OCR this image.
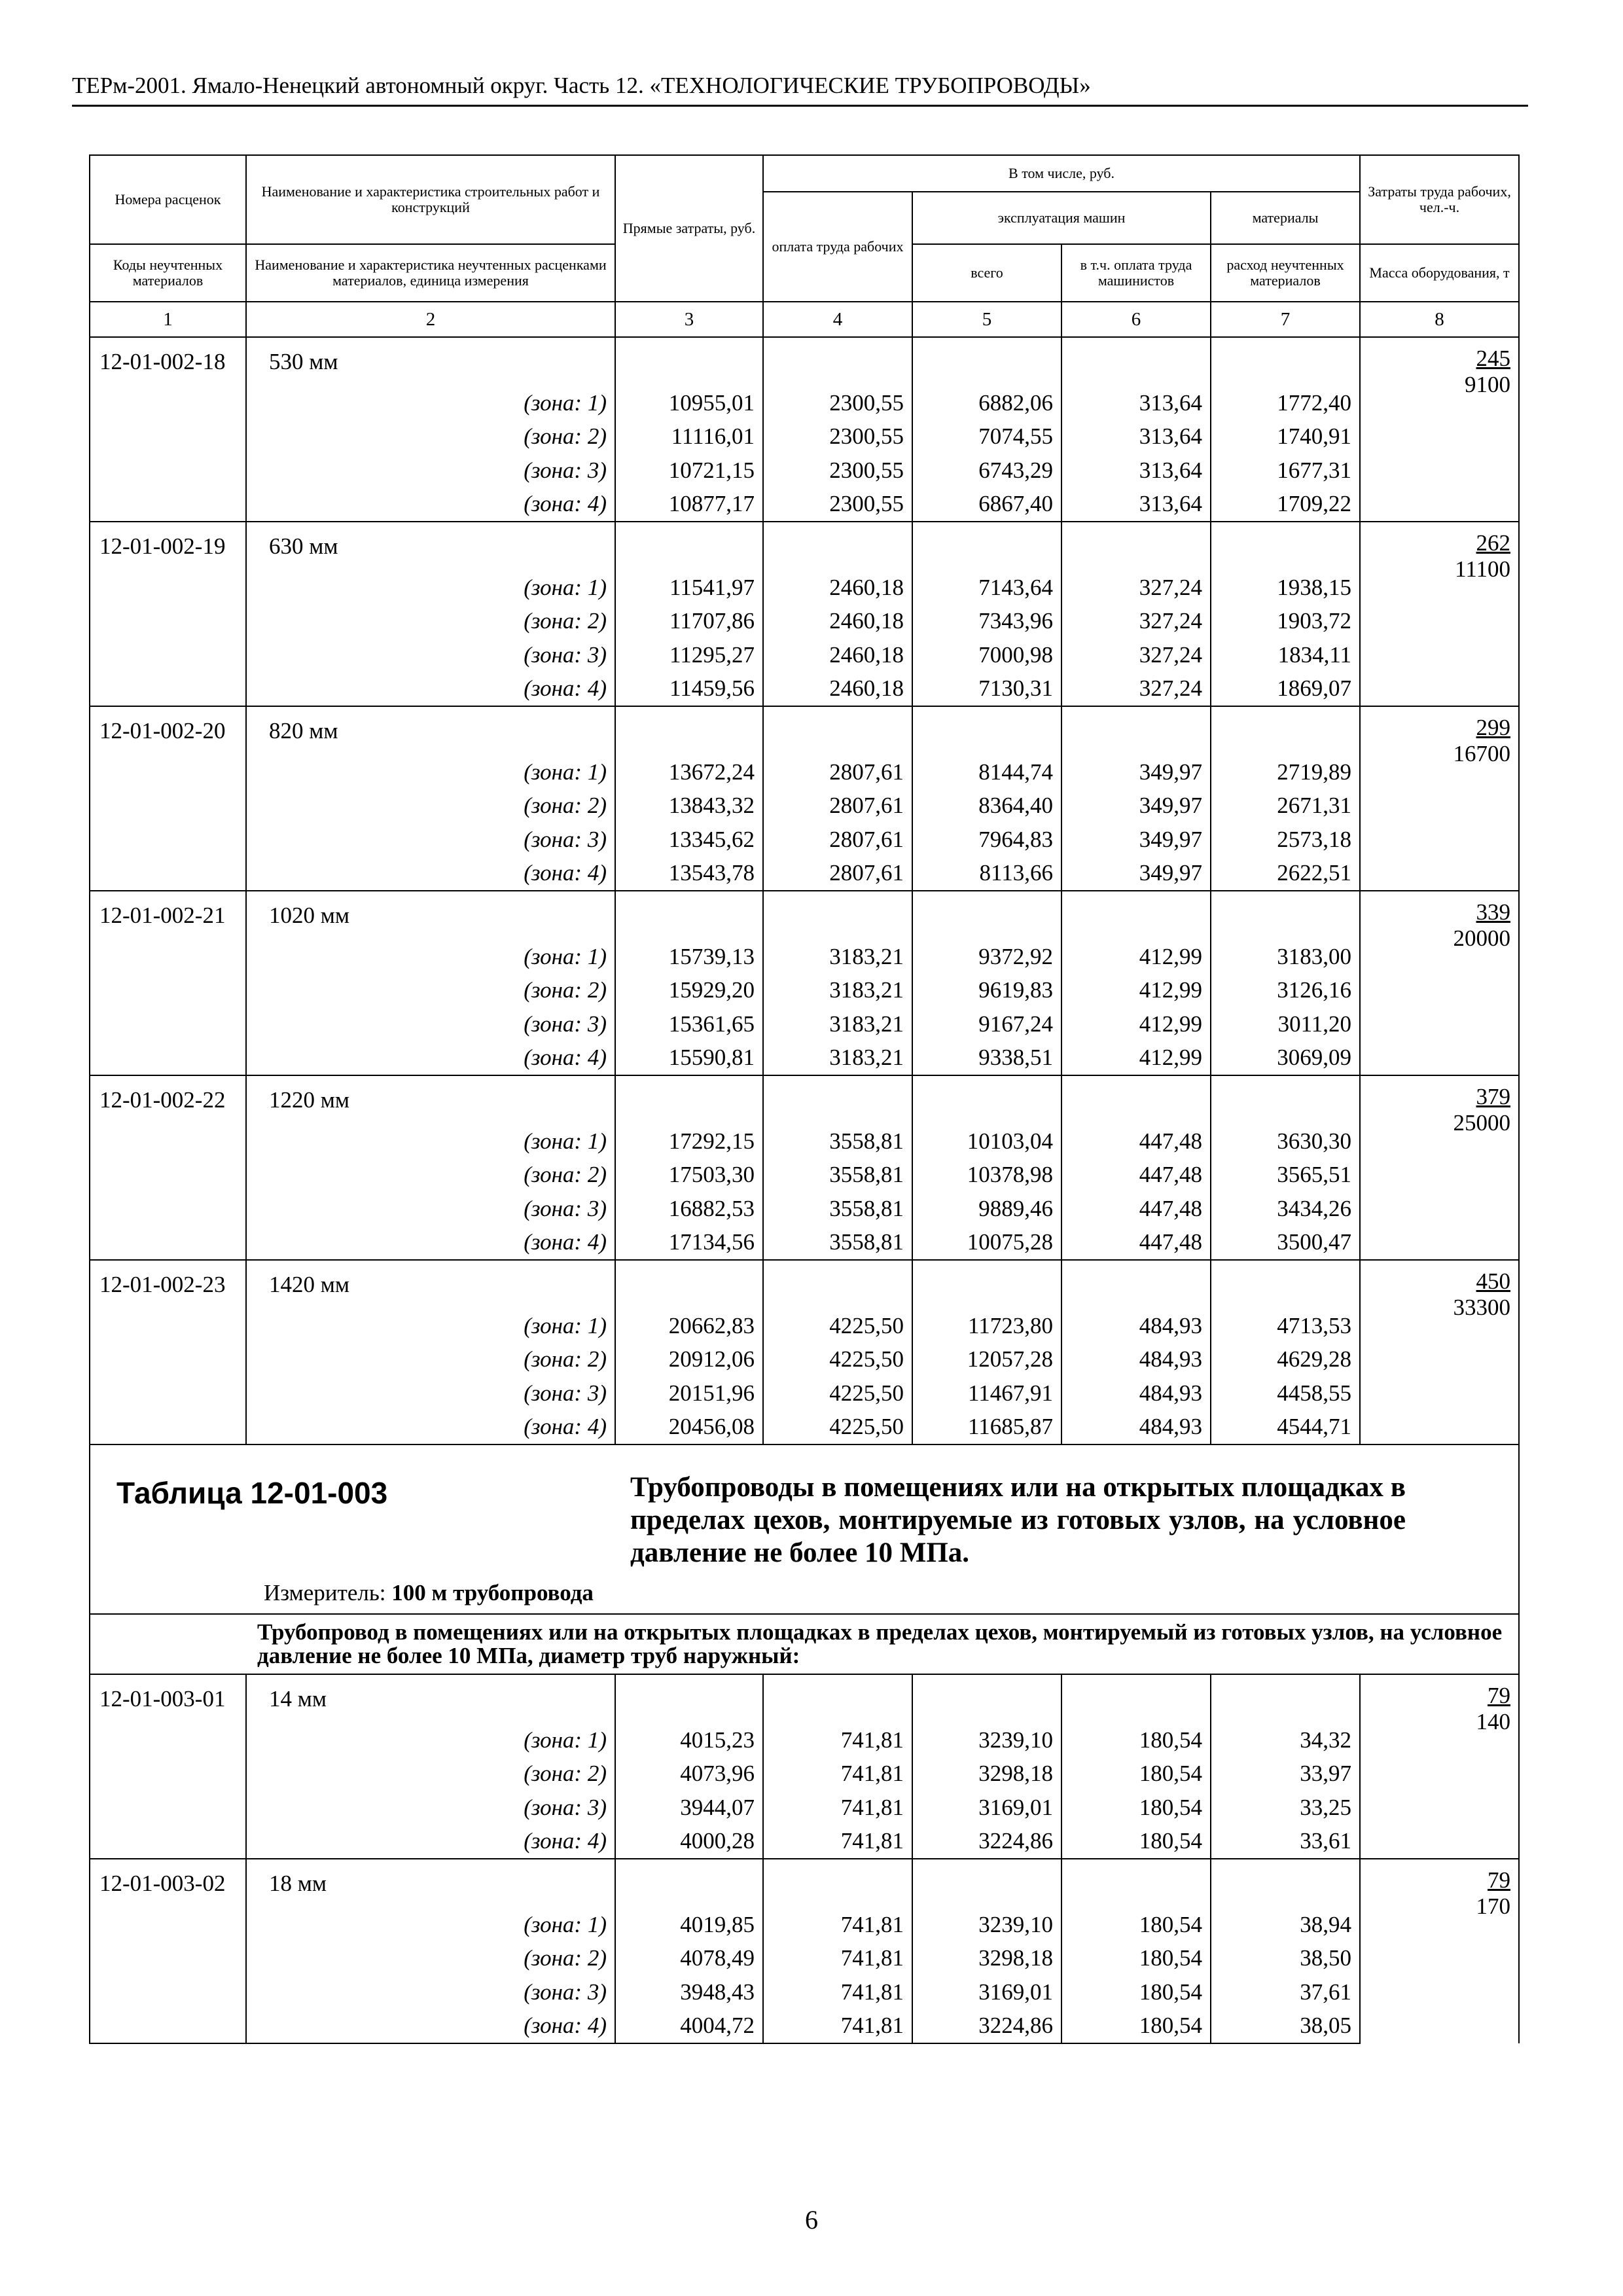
ТЕРм-2001. Ямало-Ненецкий автономный округ. Часть 12. «ТЕХНОЛОГИЧЕСКИЕ ТРУБОПРОВОДЫ»
Номера расценок	Наименование и характеристика строительных работ и конструкций	Прямые затраты, руб.	В том числе, руб.				Затраты труда рабочих, чел.-ч.
			оплата труда рабочих	эксплуатация машин		материалы	
Коды неучтенных материалов	Наименование и характеристика неучтенных расценками материалов, единица измерения			всего	в т.ч. оплата труда машинистов	расход неучтенных материалов	Масса оборудования, т

1	2	3	4	5	6	7	8
12-01-002-18	530 мм						245
9100

	(зона: 1)	10955,01	2300,55	6882,06	313,64	1772,40	
	(зона: 2)	11116,01	2300,55	7074,55	313,64	1740,91	
	(зона: 3)	10721,15	2300,55	6743,29	313,64	1677,31	
	(зона: 4)	10877,17	2300,55	6867,40	313,64	1709,22	
12-01-002-19	630 мм						262
11100

	(зона: 1)	11541,97	2460,18	7143,64	327,24	1938,15	
	(зона: 2)	11707,86	2460,18	7343,96	327,24	1903,72	
	(зона: 3)	11295,27	2460,18	7000,98	327,24	1834,11	
	(зона: 4)	11459,56	2460,18	7130,31	327,24	1869,07	
12-01-002-20	820 мм						299
16700

	(зона: 1)	13672,24	2807,61	8144,74	349,97	2719,89	
	(зона: 2)	13843,32	2807,61	8364,40	349,97	2671,31	
	(зона: 3)	13345,62	2807,61	7964,83	349,97	2573,18	
	(зона: 4)	13543,78	2807,61	8113,66	349,97	2622,51	
12-01-002-21	1020 мм						339
20000

	(зона: 1)	15739,13	3183,21	9372,92	412,99	3183,00	
	(зона: 2)	15929,20	3183,21	9619,83	412,99	3126,16	
	(зона: 3)	15361,65	3183,21	9167,24	412,99	3011,20	
	(зона: 4)	15590,81	3183,21	9338,51	412,99	3069,09	
12-01-002-22	1220 мм						379
25000

	(зона: 1)	17292,15	3558,81	10103,04	447,48	3630,30	
	(зона: 2)	17503,30	3558,81	10378,98	447,48	3565,51	
	(зона: 3)	16882,53	3558,81	9889,46	447,48	3434,26	
	(зона: 4)	17134,56	3558,81	10075,28	447,48	3500,47	
12-01-002-23	1420 мм						450
33300

	(зона: 1)	20662,83	4225,50	11723,80	484,93	4713,53	
	(зона: 2)	20912,06	4225,50	12057,28	484,93	4629,28	
	(зона: 3)	20151,96	4225,50	11467,91	484,93	4458,55	
	(зона: 4)	20456,08	4225,50	11685,87	484,93	4544,71	

Таблица 12-01-003 Трубопроводы в помещениях или на открытых площадках в пределах цехов, монтируемые из готовых узлов, на условное давление не более 10 МПа.
Измеритель: 100 м трубопровода							

Трубопровод в помещениях или на открытых площадках в пределах цехов, монтируемый из готовых узлов, на условное давление не более 10 МПа, диаметр труб наружный:							
12-01-003-01	14 мм						79
140

	(зона: 1)	4015,23	741,81	3239,10	180,54	34,32	
	(зона: 2)	4073,96	741,81	3298,18	180,54	33,97	
	(зона: 3)	3944,07	741,81	3169,01	180,54	33,25	
	(зона: 4)	4000,28	741,81	3224,86	180,54	33,61	
12-01-003-02	18 мм						79
170

	(зона: 1)	4019,85	741,81	3239,10	180,54	38,94	
	(зона: 2)	4078,49	741,81	3298,18	180,54	38,50	
	(зона: 3)	3948,43	741,81	3169,01	180,54	37,61	
	(зона: 4)	4004,72	741,81	3224,86	180,54	38,05	
6
